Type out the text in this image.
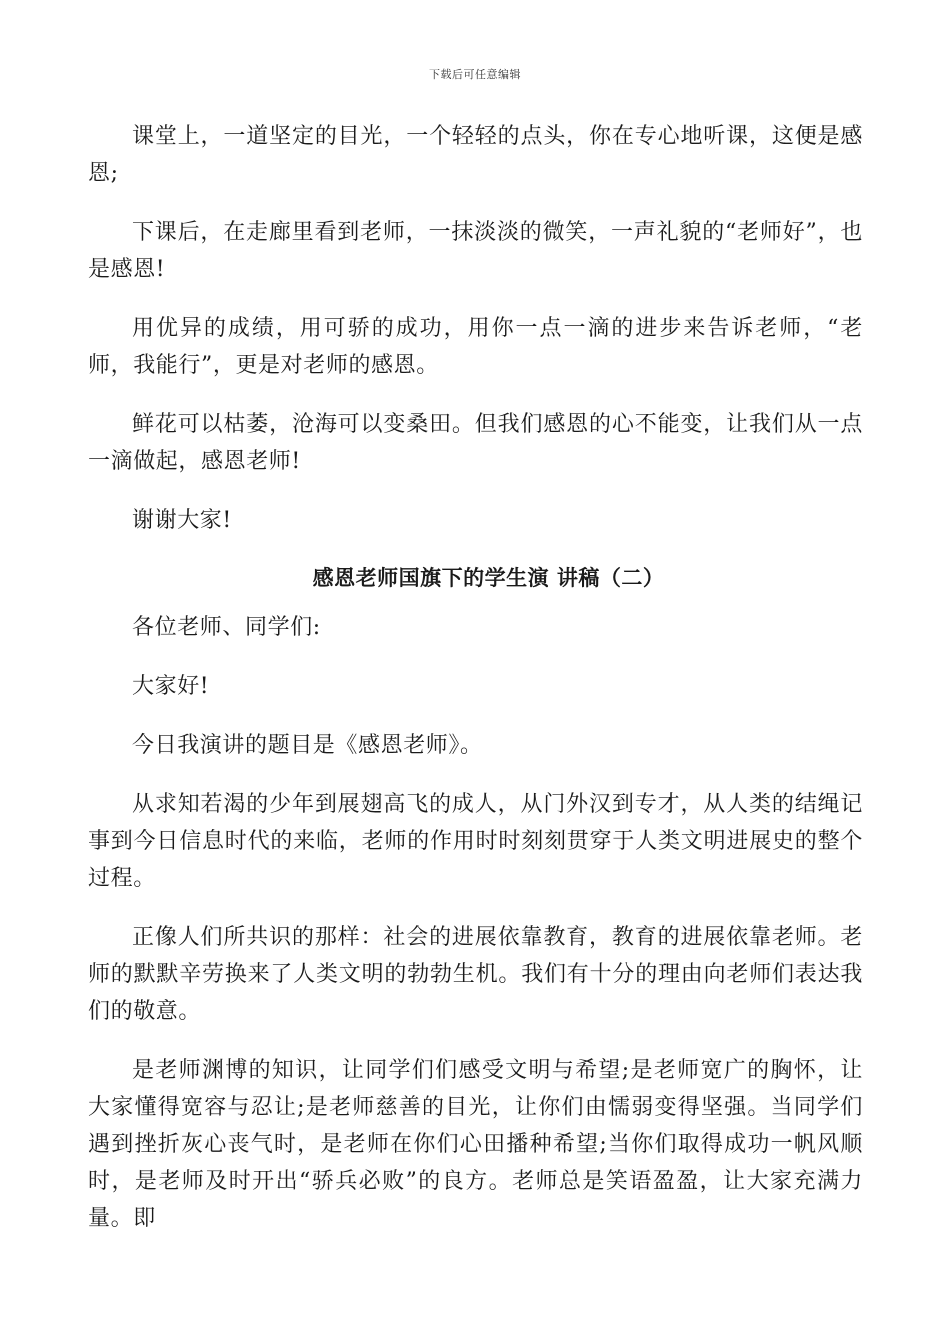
下载后可任意编辑

课堂上，一道坚定的目光，一个轻轻的点头，你在专心地听课，这便是感恩;

下课后，在走廊里看到老师，一抹淡淡的微笑，一声礼貌的“老师好”，也是感恩!

用优异的成绩，用可骄的成功，用你一点一滴的进步来告诉老师，“老师，我能行”，更是对老师的感恩。

鲜花可以枯萎，沧海可以变桑田。但我们感恩的心不能变，让我们从一点一滴做起，感恩老师!

谢谢大家!

感恩老师国旗下的学生演 讲稿（二）

各位老师、同学们:

大家好!

今日我演讲的题目是《感恩老师》。

从求知若渴的少年到展翅高飞的成人，从门外汉到专才，从人类的结绳记事到今日信息时代的来临，老师的作用时时刻刻贯穿于人类文明进展史的整个过程。

正像人们所共识的那样：社会的进展依靠教育，教育的进展依靠老师。老师的默默辛劳换来了人类文明的勃勃生机。我们有十分的理由向老师们表达我们的敬意。

是老师渊博的知识，让同学们们感受文明与希望;是老师宽广的胸怀，让大家懂得宽容与忍让;是老师慈善的目光，让你们由懦弱变得坚强。当同学们遇到挫折灰心丧气时，是老师在你们心田播种希望;当你们取得成功一帆风顺时，是老师及时开出“骄兵必败”的良方。老师总是笑语盈盈，让大家充满力量。即
